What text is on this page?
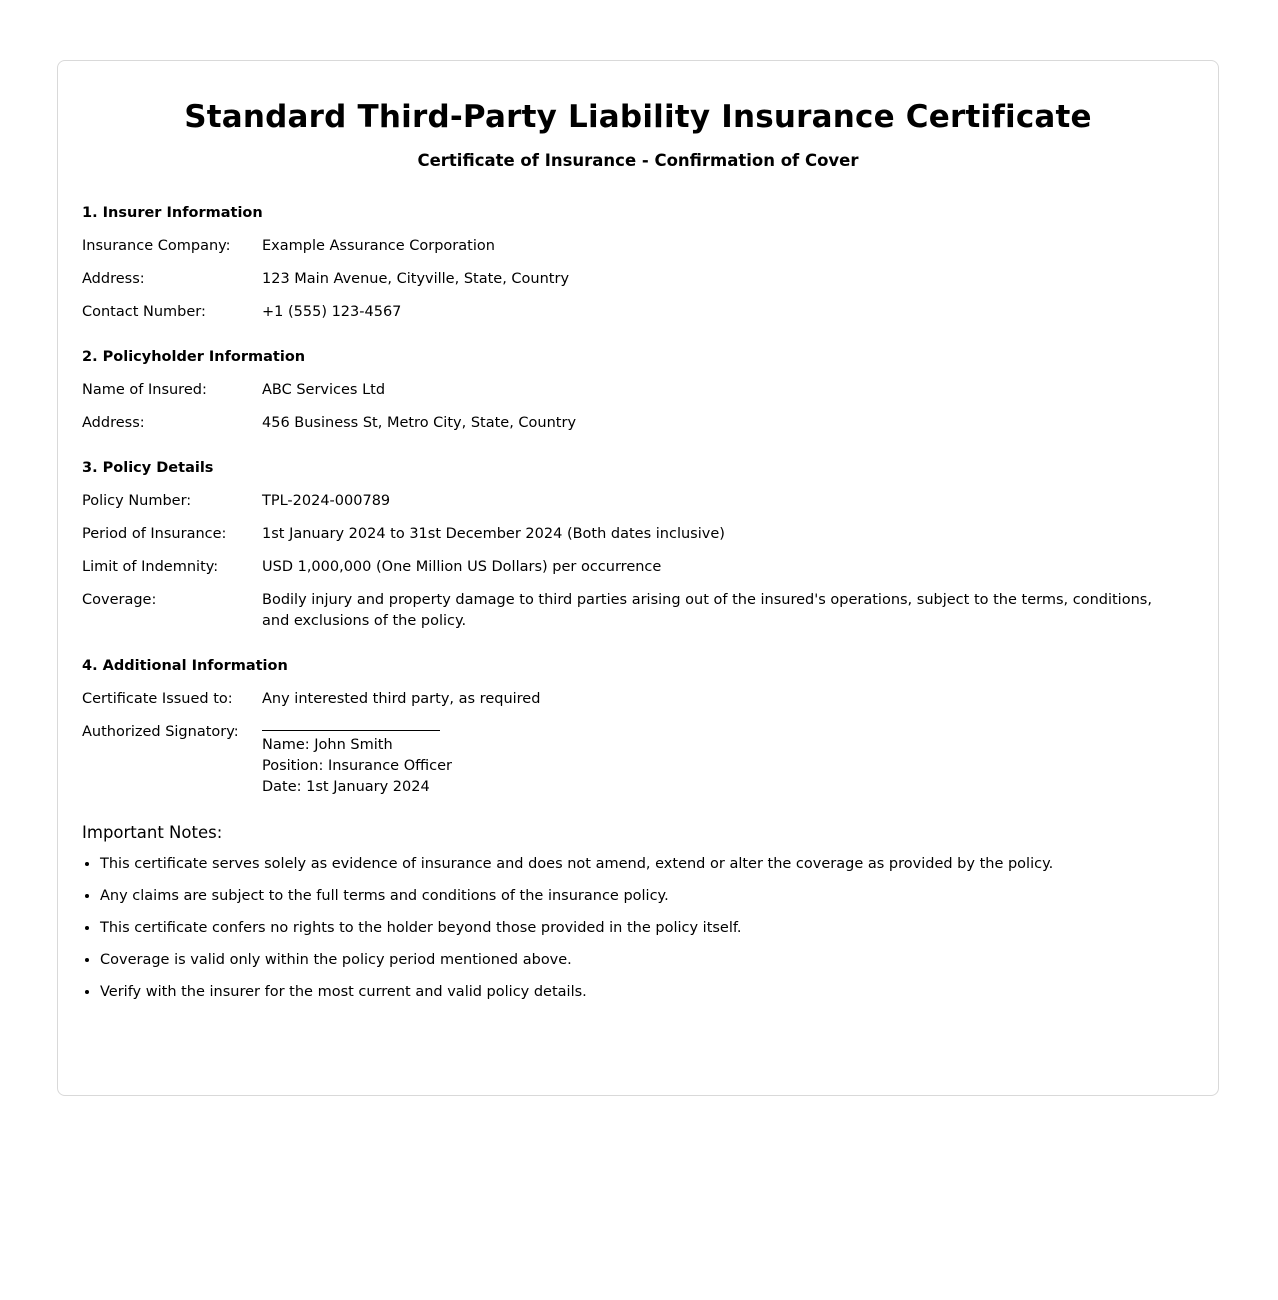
Standard Third-Party Liability Insurance Certificate
Certificate of Insurance - Confirmation of Cover
1. Insurer Information
Insurance Company:	Example Assurance Corporation
Address:	123 Main Avenue, Cityville, State, Country
Contact Number:	+1 (555) 123-4567
2. Policyholder Information
Name of Insured:	ABC Services Ltd
Address:	456 Business St, Metro City, State, Country
3. Policy Details
Policy Number:	TPL-2024-000789
Period of Insurance:	1st January 2024 to 31st December 2024 (Both dates inclusive)
Limit of Indemnity:	USD 1,000,000 (One Million US Dollars) per occurrence
Coverage:	Bodily injury and property damage to third parties arising out of the insured's operations, subject to the terms, conditions, and exclusions of the policy.
4. Additional Information
Certificate Issued to:	Any interested third party, as required
Authorized Signatory:
Name: John Smith
Position: Insurance Officer
Date: 1st January 2024
Important Notes:
• This certificate serves solely as evidence of insurance and does not amend, extend or alter the coverage as provided by the policy.
• Any claims are subject to the full terms and conditions of the insurance policy.
• This certificate confers no rights to the holder beyond those provided in the policy itself.
• Coverage is valid only within the policy period mentioned above.
• Verify with the insurer for the most current and valid policy details.
